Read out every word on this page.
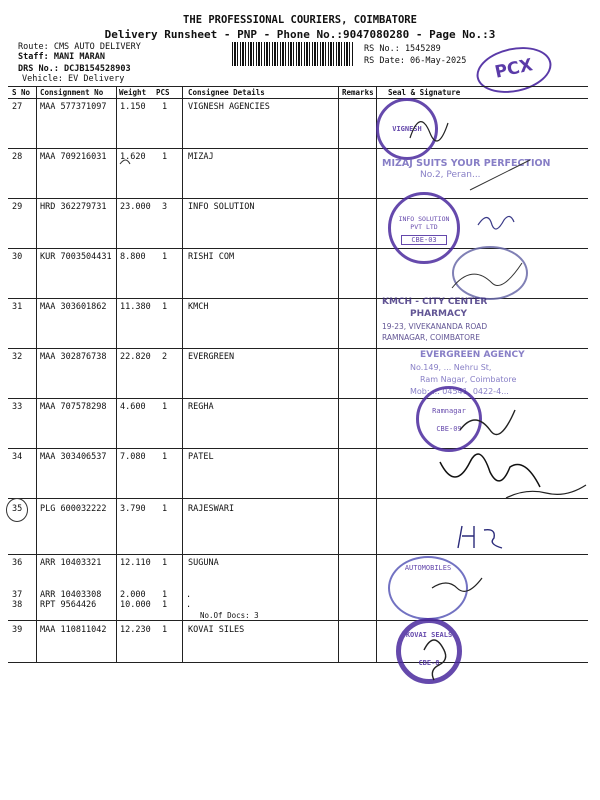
THE PROFESSIONAL COURIERS, COIMBATORE
Delivery Runsheet - PNP - Phone No.:9047080280 - Page No.:3
Route: CMS AUTO DELIVERY
Staff: MANI MARAN
DRS No.: DCJB154528903
Vehicle: EV Delivery
RS No.: 1545289
RS Date: 06-May-2025	PCX
S No Consignment No Weight PCS Consignee Details	Remarks Seal & Signature
27 MAA 577371097 1.150 1 VIGNESH AGENCIES
28 MAA 709216031 1.620 1 MIZAJ
29 HRD 362279731 23.000 3 INFO SOLUTION
30 KUR 7003504431 8.800 1 RISHI COM
31 MAA 303601862 11.380 1 KMCH
32 MAA 302876738 22.820 2 EVERGREEN
33 MAA 707578298 4.600 1 REGHA
34 MAA 303406537 7.080 1 PATEL
35 PLG 600032222 3.790 1 RAJESWARI
36 ARR 10403321 12.110 1 SUGUNA
37 ARR 10403308 2.000 1 .
38 RPT 9564426	10.000 1 .
No.Of Docs: 3
39 MAA 110811042 12.230 1 KOVAI SILES
VIGNESH
MIZAJ SUITS YOUR PERFECTION
No.2, Peran...
INFO SOLUTION PVT LTD
CBE-03
KMCH - CITY CENTER
PHARMACY
19-23, VIVEKANANDA ROAD
RAMNAGAR, COIMBATORE
EVERGREEN AGENCY
No.149, ... Nehru St,
Ram Nagar, Coimbatore
Mob: ... 04541, 0422-4...
Ramnagar
CBE-09
AUTOMOBILES
KOVAI SEALS
CBE-8
